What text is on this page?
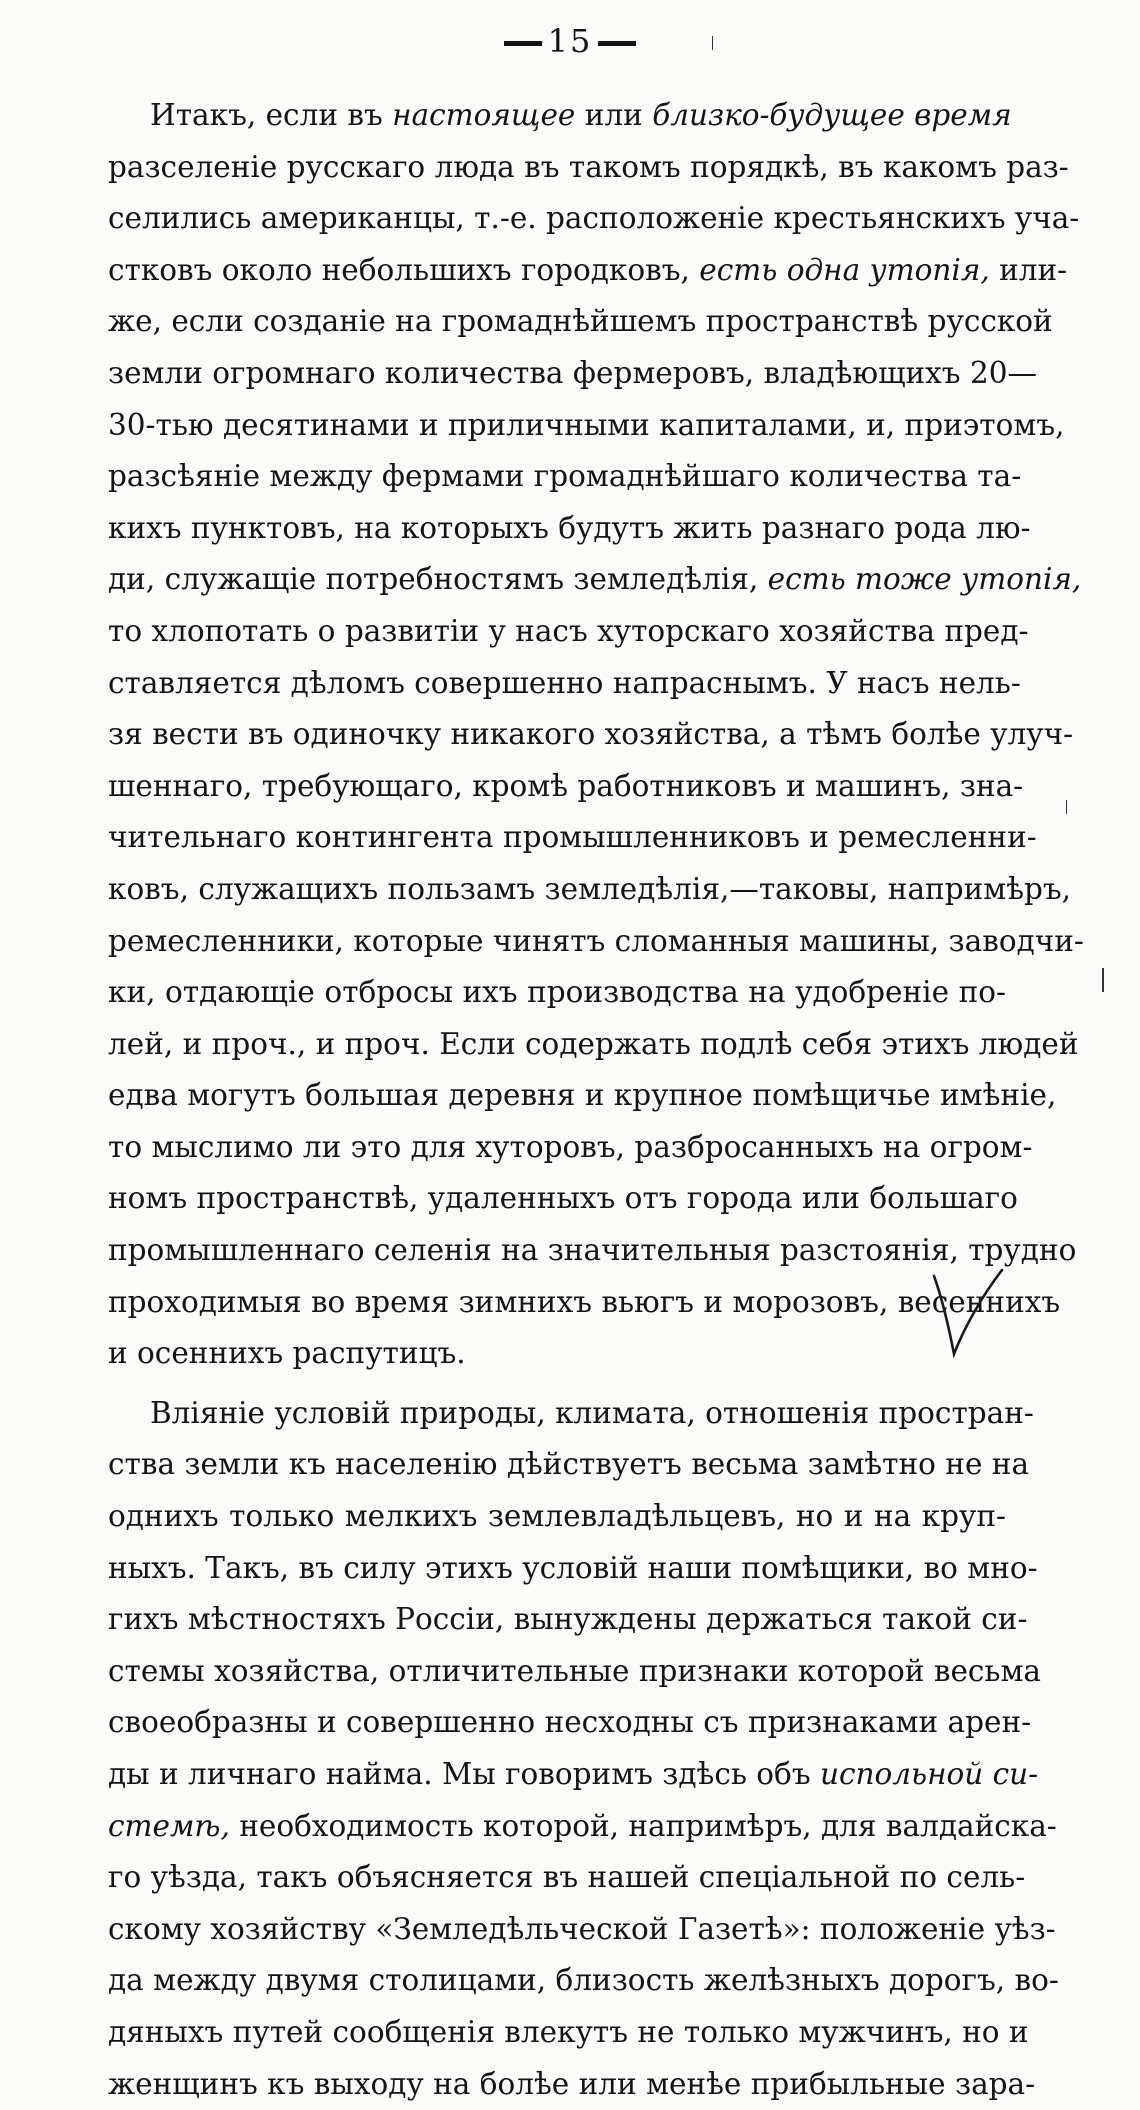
15
Итакъ, если въ настоящее или близко-будущее время
разселеніе русскаго люда въ такомъ порядкѣ, въ какомъ раз-
селились американцы, т.-е. расположеніе крестьянскихъ уча-
стковъ около небольшихъ городковъ, есть одна утопія, или-
же, если созданіе на громаднѣйшемъ пространствѣ русской
земли огромнаго количества фермеровъ, владѣющихъ 20—
30-тью десятинами и приличными капиталами, и, приэтомъ,
разсѣяніе между фермами громаднѣйшаго количества та-
кихъ пунктовъ, на которыхъ будутъ жить разнаго рода лю-
ди, служащіе потребностямъ земледѣлія, есть тоже утопія,
то хлопотать о развитіи у насъ хуторскаго хозяйства пред-
ставляется дѣломъ совершенно напраснымъ. У насъ нель-
зя вести въ одиночку никакого хозяйства, а тѣмъ болѣе улуч-
шеннаго, требующаго, кромѣ работниковъ и машинъ, зна-
чительнаго контингента промышленниковъ и ремесленни-
ковъ, служащихъ пользамъ земледѣлія,—таковы, напримѣръ,
ремесленники, которые чинятъ сломанныя машины, заводчи-
ки, отдающіе отбросы ихъ производства на удобреніе по-
лей, и проч., и проч. Если содержать подлѣ себя этихъ людей
едва могутъ большая деревня и крупное помѣщичье имѣніе,
то мыслимо ли это для хуторовъ, разбросанныхъ на огром-
номъ пространствѣ, удаленныхъ отъ города или большаго
промышленнаго селенія на значительныя разстоянія, трудно
проходимыя во время зимнихъ вьюгъ и морозовъ, весеннихъ
и осеннихъ распутицъ.
Вліяніе условій природы, климата, отношенія простран-
ства земли къ населенію дѣйствуетъ весьма замѣтно не на
однихъ только мелкихъ землевладѣльцевъ, но и на круп-
ныхъ. Такъ, въ силу этихъ условій наши помѣщики, во мно-
гихъ мѣстностяхъ Россіи, вынуждены держаться такой си-
стемы хозяйства, отличительные признаки которой весьма
своеобразны и совершенно несходны съ признаками арен-
ды и личнаго найма. Мы говоримъ здѣсь объ испольной си-
стемѣ, необходимость которой, напримѣръ, для валдайска-
го уѣзда, такъ объясняется въ нашей спеціальной по сель-
скому хозяйству «Земледѣльческой Газетѣ»: положеніе уѣз-
да между двумя столицами, близость желѣзныхъ дорогъ, во-
дяныхъ путей сообщенія влекутъ не только мужчинъ, но и
женщинъ къ выходу на болѣе или менѣе прибыльные зара-
